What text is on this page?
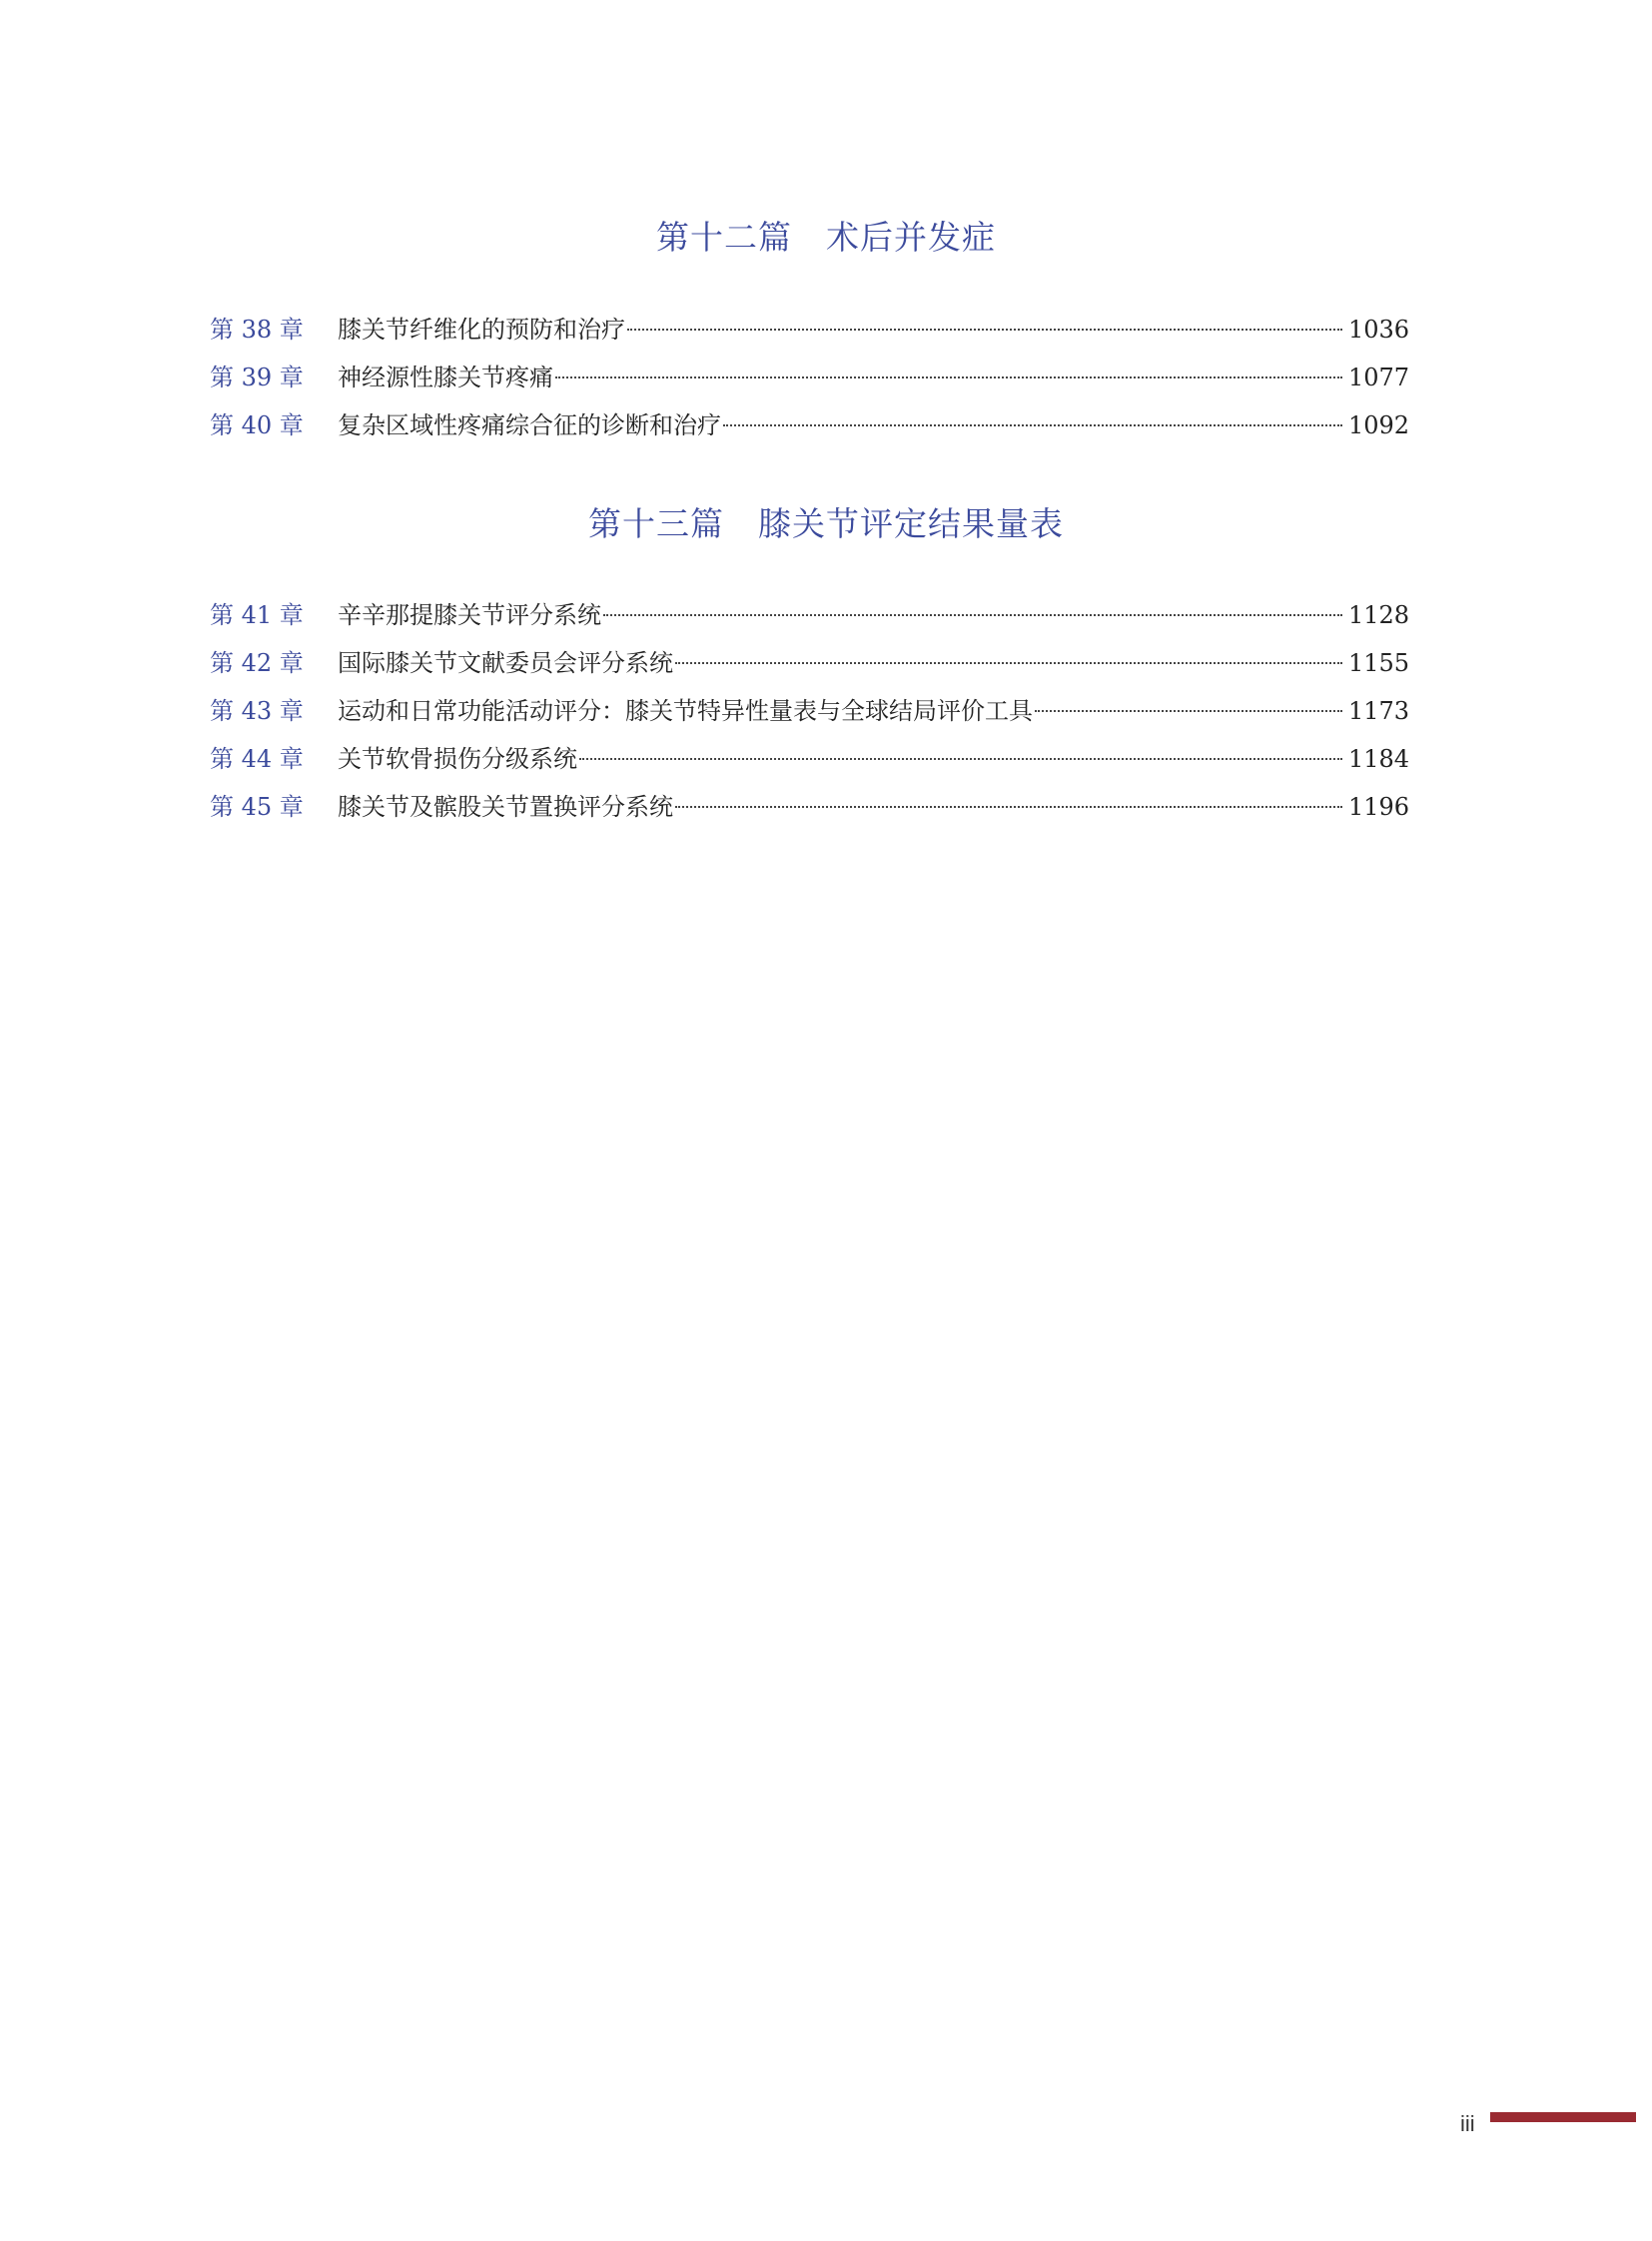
第十二篇　术后并发症
第 38 章	膝关节纤维化的预防和治疗	1036
第 39 章	神经源性膝关节疼痛	1077
第 40 章	复杂区域性疼痛综合征的诊断和治疗	1092
第十三篇　膝关节评定结果量表
第 41 章	辛辛那提膝关节评分系统	1128
第 42 章	国际膝关节文献委员会评分系统	1155
第 43 章	运动和日常功能活动评分：膝关节特异性量表与全球结局评价工具	1173
第 44 章	关节软骨损伤分级系统	1184
第 45 章	膝关节及髌股关节置换评分系统	1196
iii
